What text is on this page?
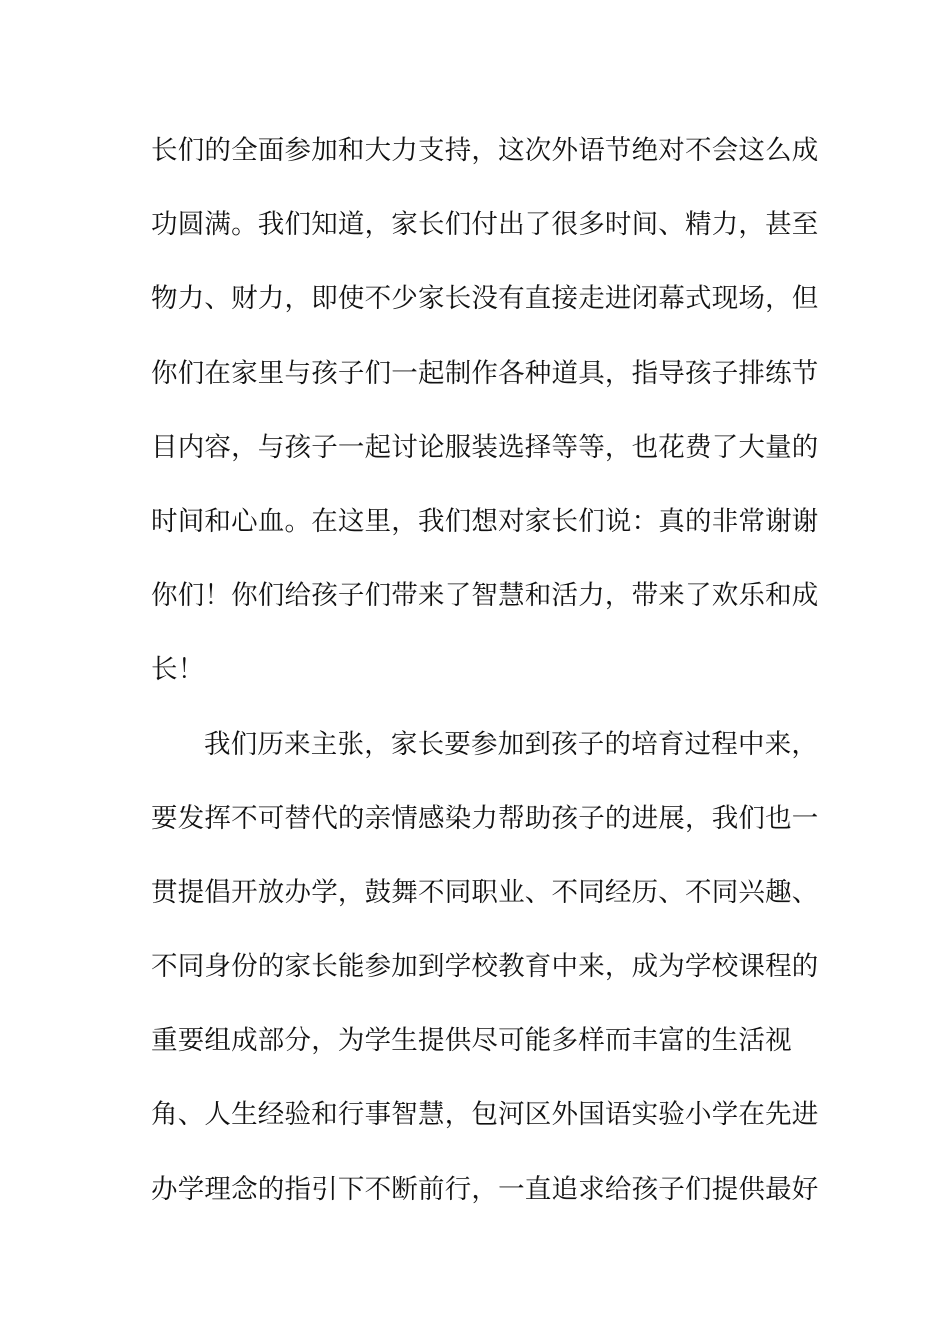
长们的全面参加和大力支持，这次外语节绝对不会这么成
功圆满。我们知道，家长们付出了很多时间、精力，甚至
物力、财力，即使不少家长没有直接走进闭幕式现场，但
你们在家里与孩子们一起制作各种道具，指导孩子排练节
目内容，与孩子一起讨论服装选择等等，也花费了大量的
时间和心血。在这里，我们想对家长们说：真的非常谢谢
你们！你们给孩子们带来了智慧和活力，带来了欢乐和成
长！
我们历来主张，家长要参加到孩子的培育过程中来，
要发挥不可替代的亲情感染力帮助孩子的进展，我们也一
贯提倡开放办学，鼓舞不同职业、不同经历、不同兴趣、
不同身份的家长能参加到学校教育中来，成为学校课程的
重要组成部分，为学生提供尽可能多样而丰富的生活视
角、人生经验和行事智慧，包河区外国语实验小学在先进
办学理念的指引下不断前行，一直追求给孩子们提供最好
